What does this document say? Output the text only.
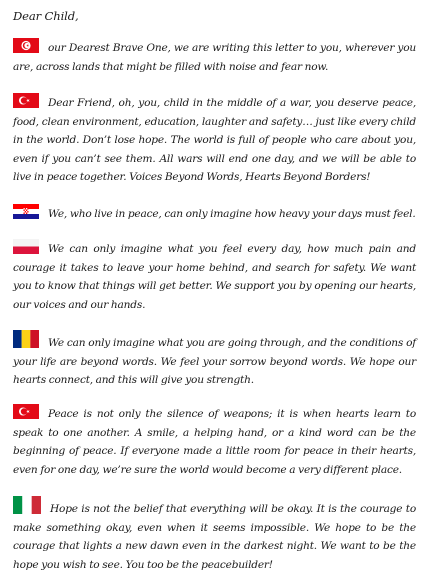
Dear Child,

our Dearest Brave One, we are writing this letter to you, wherever you are, across lands that might be filled with noise and fear now.

Dear Friend, oh, you, child in the middle of a war, you deserve peace, food, clean environment, education, laughter and safety… just like every child in the world. Don’t lose hope. The world is full of people who care about you, even if you can’t see them. All wars will end one day, and we will be able to live in peace together. Voices Beyond Words, Hearts Beyond Borders!

We, who live in peace, can only imagine how heavy your days must feel.

We can only imagine what you feel every day, how much pain and courage it takes to leave your home behind, and search for safety. We want you to know that things will get better. We support you by opening our hearts, our voices and our hands.

We can only imagine what you are going through, and the conditions of your life are beyond words. We feel your sorrow beyond words. We hope our hearts connect, and this will give you strength.

Peace is not only the silence of weapons; it is when hearts learn to speak to one another. A smile, a helping hand, or a kind word can be the beginning of peace. If everyone made a little room for peace in their hearts, even for one day, we’re sure the world would become a very different place.

Hope is not the belief that everything will be okay. It is the courage to make something okay, even when it seems impossible. We hope to be the courage that lights a new dawn even in the darkest night. We want to be the hope you wish to see. You too be the peacebuilder!
